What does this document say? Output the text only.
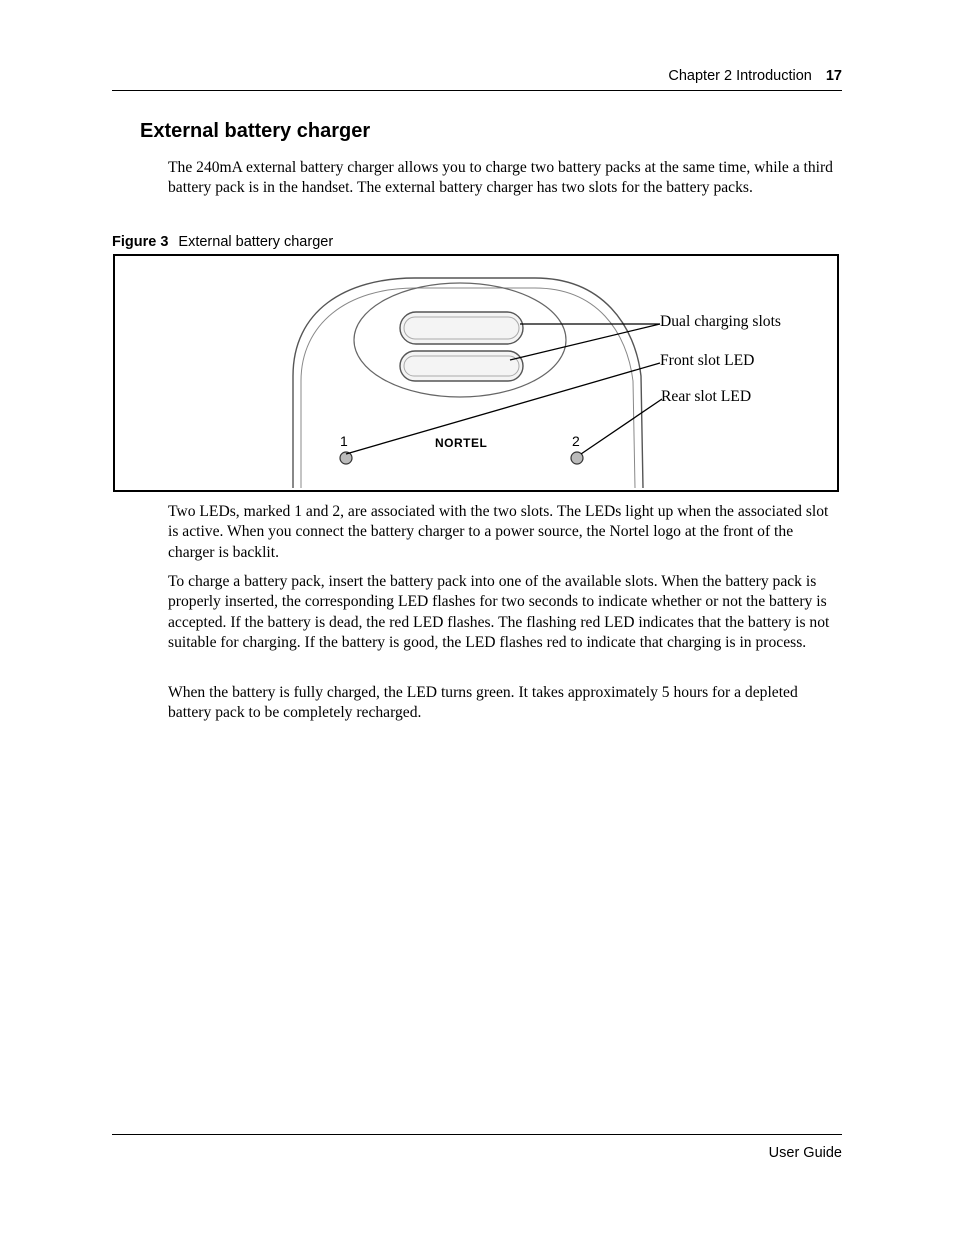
Chapter 2 Introduction 17
External battery charger

The 240mA external battery charger allows you to charge two battery packs at the same time, while a third battery pack is in the handset. The external battery charger has two slots for the battery packs.

Figure 3 External battery charger
Dual charging slots
Front slot LED
Rear slot LED
1	2
NORTEL

Two LEDs, marked 1 and 2, are associated with the two slots. The LEDs light up when the associated slot is active. When you connect the battery charger to a power source, the Nortel logo at the front of the charger is backlit.

To charge a battery pack, insert the battery pack into one of the available slots. When the battery pack is properly inserted, the corresponding LED flashes for two seconds to indicate whether or not the battery is accepted. If the battery is dead, the red LED flashes. The flashing red LED indicates that the battery is not suitable for charging. If the battery is good, the LED flashes red to indicate that charging is in process.

When the battery is fully charged, the LED turns green. It takes approximately 5 hours for a depleted battery pack to be completely recharged.

User Guide
